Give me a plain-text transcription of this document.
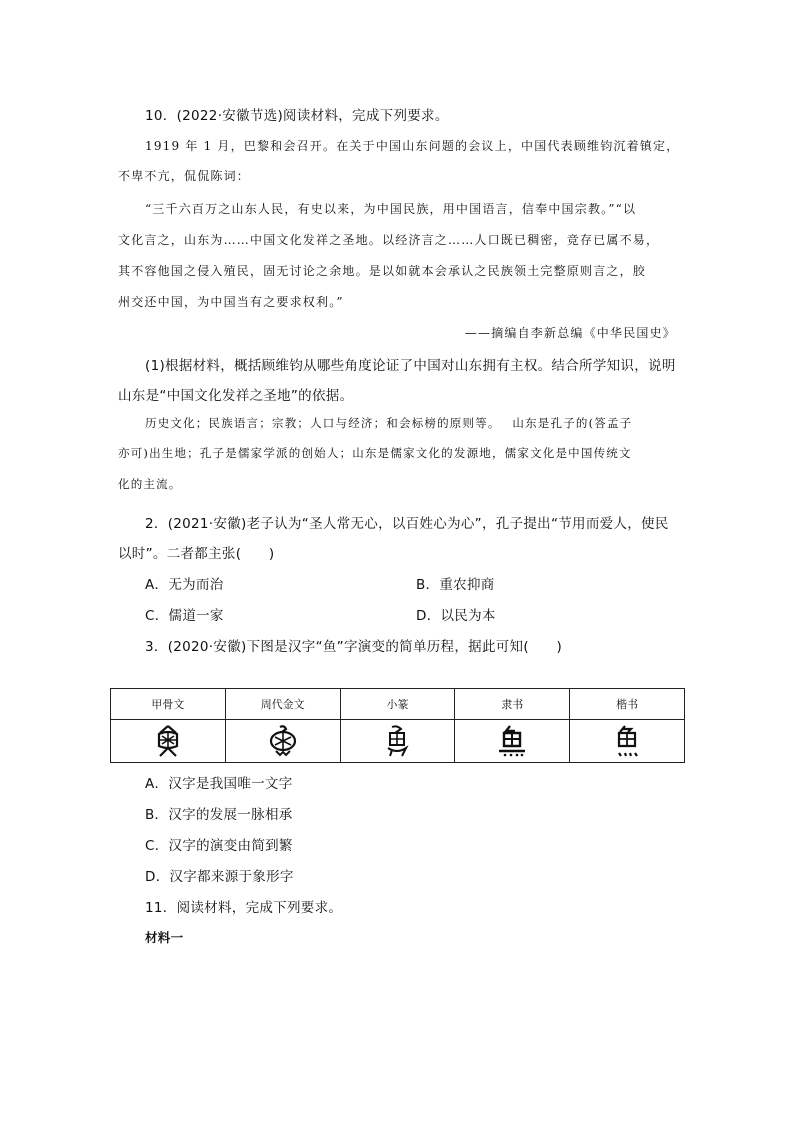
10．(2022·安徽节选)阅读材料，完成下列要求。
1919 年 1 月，巴黎和会召开。在关于中国山东问题的会议上，中国代表顾维钧沉着镇定，
不卑不亢，侃侃陈词：
“三千六百万之山东人民，有史以来，为中国民族，用中国语言，信奉中国宗教。”“以
文化言之，山东为……中国文化发祥之圣地。以经济言之……人口既已稠密，竞存已属不易，
其不容他国之侵入殖民，固无讨论之余地。是以如就本会承认之民族领土完整原则言之，胶
州交还中国，为中国当有之要求权利。”
——摘编自李新总编《中华民国史》
(1)根据材料，概括顾维钧从哪些角度论证了中国对山东拥有主权。结合所学知识，说明
山东是“中国文化发祥之圣地”的依据。
历史文化；民族语言；宗教；人口与经济；和会标榜的原则等。　 山东是孔子的(答孟子
亦可)出生地；孔子是儒家学派的创始人；山东是儒家文化的发源地，儒家文化是中国传统文
化的主流。
2．(2021·安徽)老子认为“圣人常无心，以百姓心为心”，孔子提出“节用而爱人，使民
以时”。二者都主张(　　)
A．无为而治	B．重农抑商
C．儒道一家	D．以民为本
3．(2020·安徽)下图是汉字“鱼”字演变的简单历程，据此可知(　　)
甲骨文	周代金文	小篆	隶书	楷书

A．汉字是我国唯一文字
B．汉字的发展一脉相承
C．汉字的演变由简到繁
D．汉字都来源于象形字
11．阅读材料，完成下列要求。
材料一
